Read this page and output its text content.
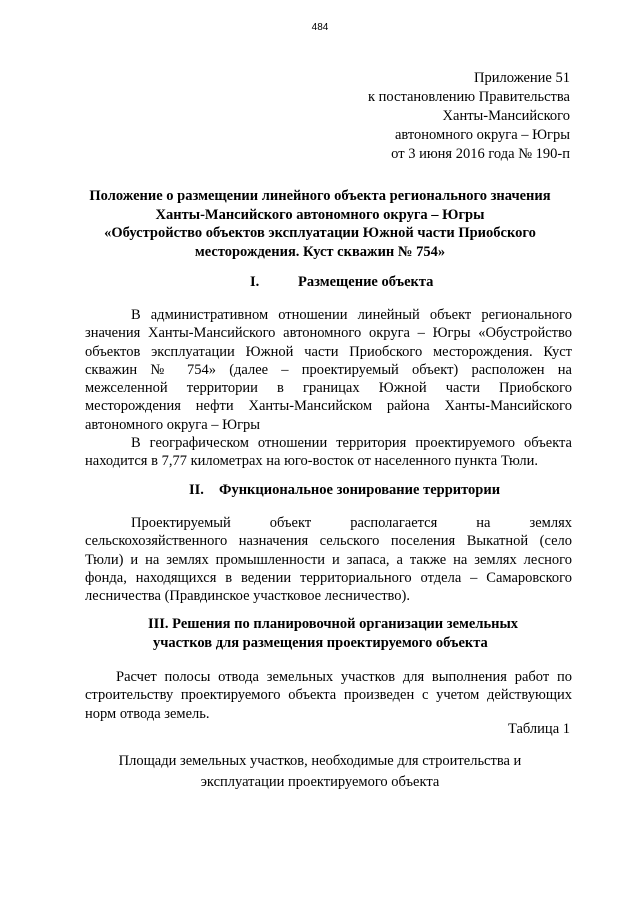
484
Приложение 51
к постановлению Правительства
Ханты-Мансийского
автономного округа – Югры
от 3 июня 2016 года № 190-п
Положение о размещении линейного объекта регионального значения
Ханты-Мансийского автономного округа – Югры
«Обустройство объектов эксплуатации Южной части Приобского
месторождения. Куст скважин № 754»
I.	Размещение объекта
В административном отношении линейный объект регионального
значения Ханты-Мансийского автономного округа – Югры «Обустройство
объектов эксплуатации Южной части Приобского месторождения. Куст
скважин № 754» (далее – проектируемый объект) расположен на
межселенной территории в границах Южной части Приобского
месторождения нефти Ханты-Мансийском района Ханты-Мансийского
автономного округа – Югры
В географическом отношении территория проектируемого объекта
находится в 7,77 километрах на юго-восток от населенного пункта Тюли.
II. Функциональное зонирование территории
Проектируемый объект располагается на землях
сельскохозяйственного назначения сельского поселения Выкатной (село
Тюли) и на землях промышленности и запаса, а также на землях лесного
фонда, находящихся в ведении территориального отдела – Самаровского
лесничества (Правдинское участковое лесничество).
III. Решения по планировочной организации земельных
участков для размещения проектируемого объекта
Расчет полосы отвода земельных участков для выполнения работ по
строительству проектируемого объекта произведен с учетом действующих
норм отвода земель.
Таблица 1
Площади земельных участков, необходимые для строительства и
эксплуатации проектируемого объекта
